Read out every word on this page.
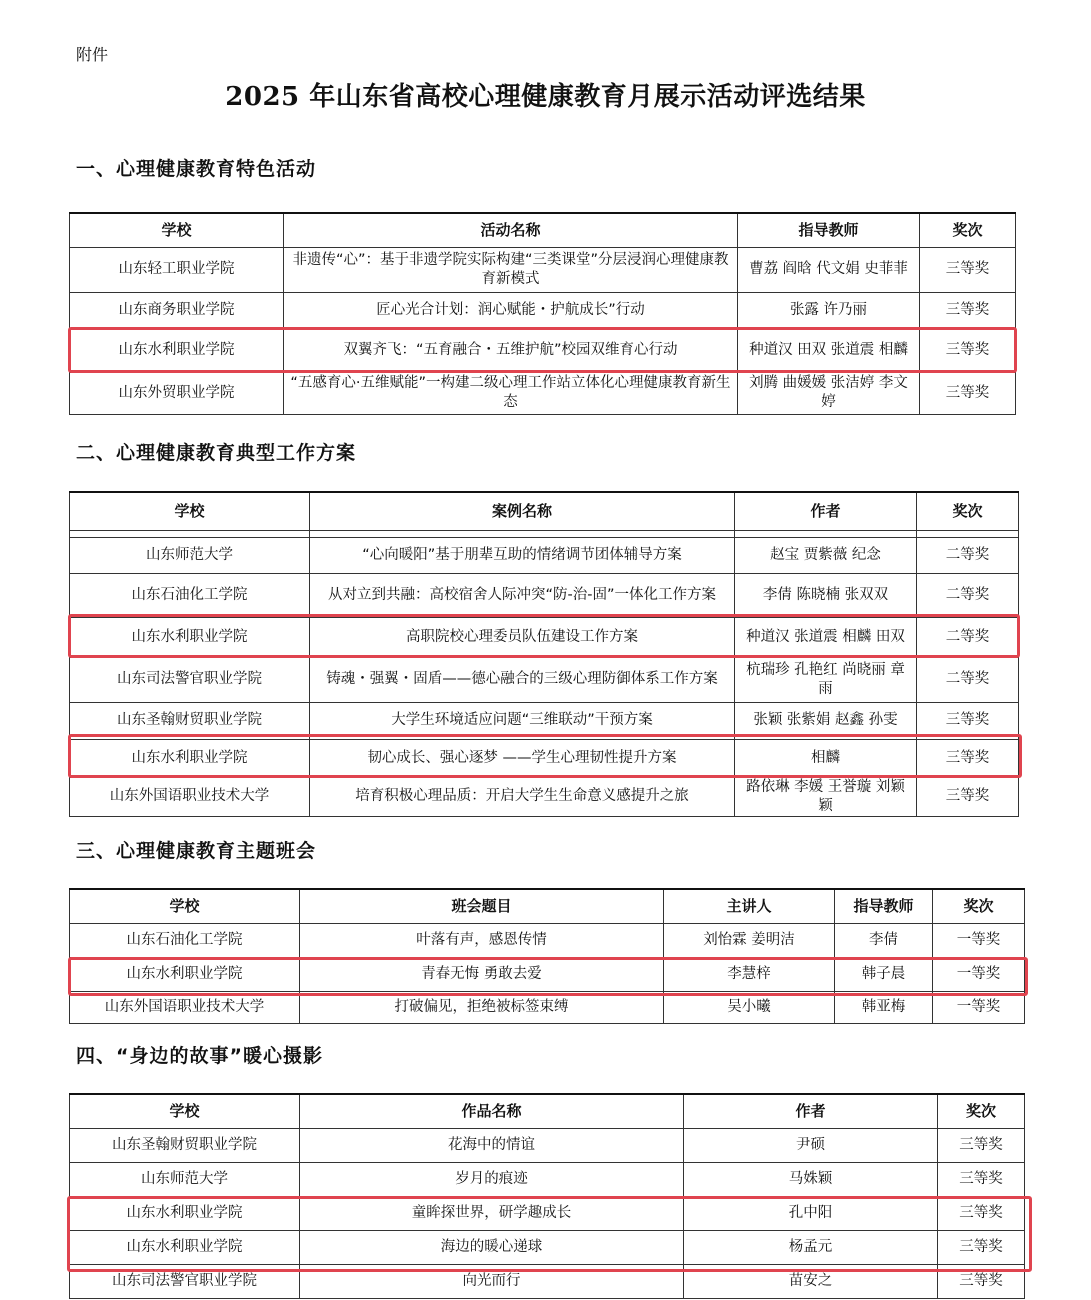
附件
2025 年山东省高校心理健康教育月展示活动评选结果
一、心理健康教育特色活动
学校	活动名称	指导教师	奖次
山东轻工职业学院	非遗传“心”：基于非遗学院实际构建“三类课堂”分层浸润心理健康教育新模式	曹荔 阎晗 代文娟 史菲菲	三等奖
山东商务职业学院	匠心光合计划：润心赋能・护航成长”行动	张露 许乃丽	三等奖
山东水利职业学院	双翼齐飞：“五育融合・五维护航”校园双维育心行动	种道汉 田双 张道震 相麟	三等奖
山东外贸职业学院	“五感育心·五维赋能”一构建二级心理工作站立体化心理健康教育新生态	刘腾 曲媛媛 张洁婷 李文婷	三等奖
二、心理健康教育典型工作方案
学校	案例名称	作者	奖次

山东师范大学	“心向暖阳”基于朋辈互助的情绪调节团体辅导方案	赵宝 贾紫薇 纪念	二等奖
山东石油化工学院	从对立到共融：高校宿舍人际冲突“防-治-固”一体化工作方案	李倩 陈晓楠 张双双	二等奖
山东水利职业学院	高职院校心理委员队伍建设工作方案	种道汉 张道震 相麟 田双	二等奖
山东司法警官职业学院	铸魂・强翼・固盾——德心融合的三级心理防御体系工作方案	杭瑞珍 孔艳红 尚晓丽 章雨	二等奖
山东圣翰财贸职业学院	大学生环境适应问题“三维联动”干预方案	张颖 张紫娟 赵鑫 孙雯	三等奖
山东水利职业学院	韧心成长、强心逐梦 ——学生心理韧性提升方案	相麟	三等奖
山东外国语职业技术大学	培育积极心理品质：开启大学生生命意义感提升之旅	路依琳 李媛 王誉璇 刘颖颖	三等奖
三、心理健康教育主题班会
学校	班会题目	主讲人	指导教师	奖次
山东石油化工学院	叶落有声，感恩传情	刘怡霖 姜明洁	李倩	一等奖
山东水利职业学院	青春无悔 勇敢去爱	李慧梓	韩子晨	一等奖
山东外国语职业技术大学	打破偏见，拒绝被标签束缚	吴小曦	韩亚梅	一等奖
四、“身边的故事”暖心摄影
学校	作品名称	作者	奖次
山东圣翰财贸职业学院	花海中的情谊	尹硕	三等奖
山东师范大学	岁月的痕迹	马姝颖	三等奖
山东水利职业学院	童眸探世界，研学趣成长	孔中阳	三等奖
山东水利职业学院	海边的暖心递球	杨孟元	三等奖
山东司法警官职业学院	向光而行	苗安之	三等奖
